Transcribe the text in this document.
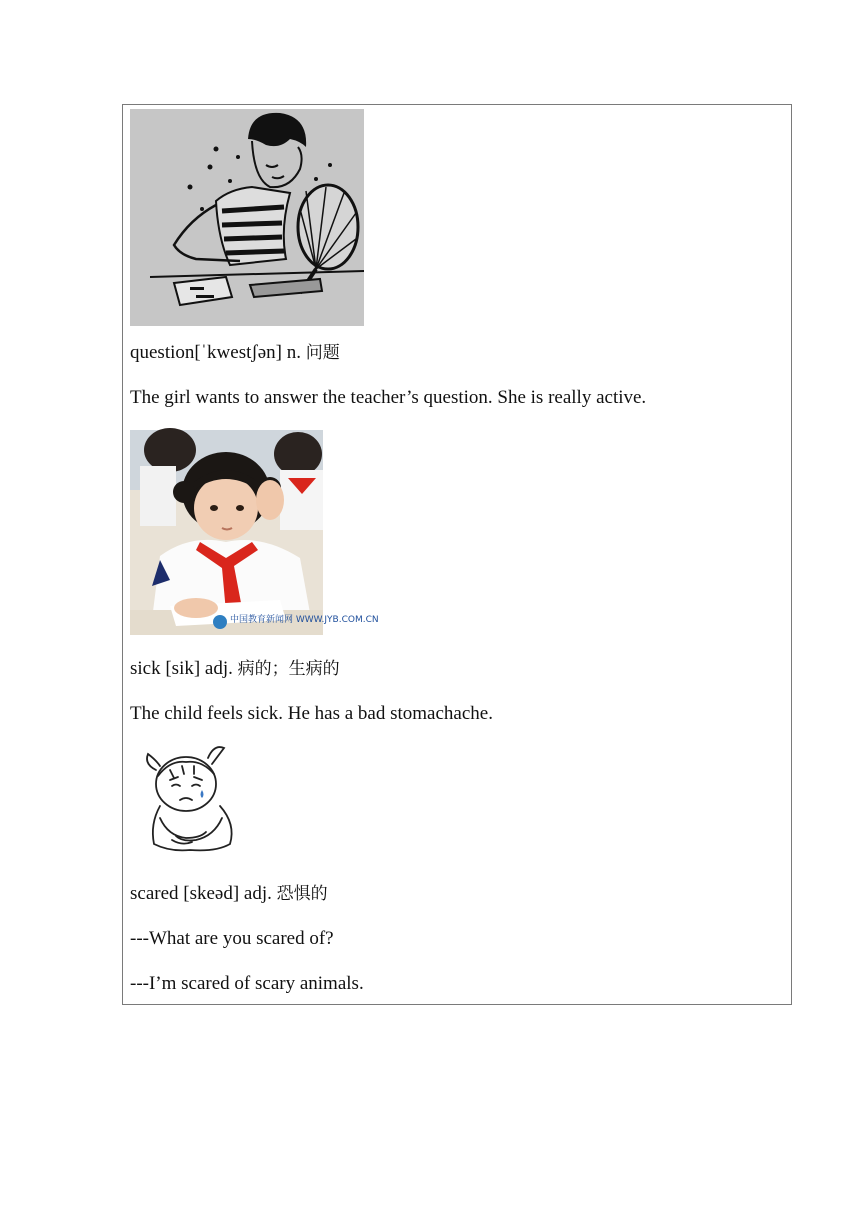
question[ˈkwestʃən] n. 问题
The girl wants to answer the teacher’s question. She is really active.
中国教育新闻网 WWW.JYB.COM.CN
sick [sik] adj. 病的；生病的
The child feels sick. He has a bad stomachache.
scared [skeəd] adj. 恐惧的
---What are you scared of?
---I’m scared of scary animals.
